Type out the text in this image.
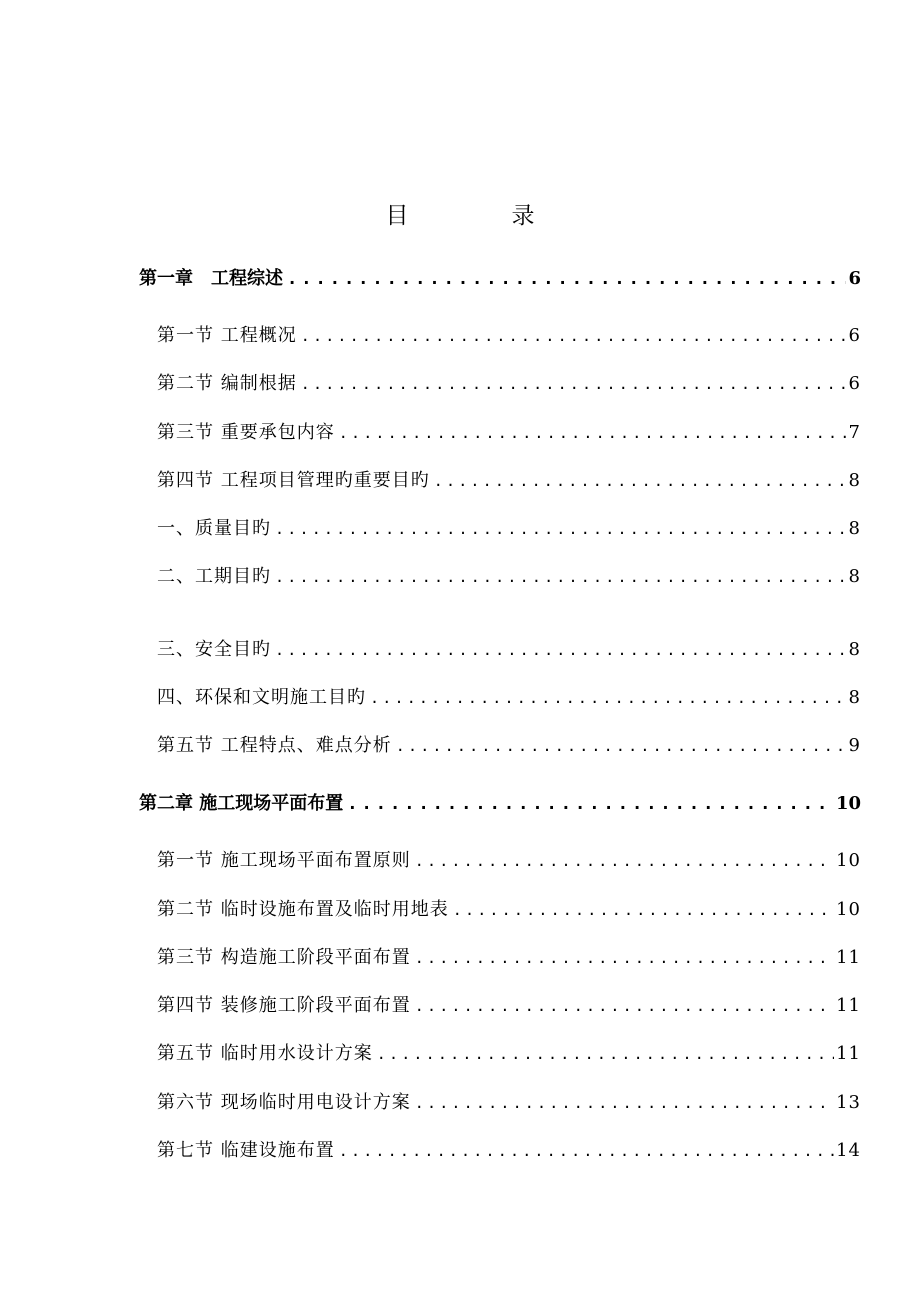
目　录
第一章　工程综述 .....	6
第一节 工程概况 .....	6
第二节 编制根据 .....	6
第三节 重要承包内容 .....	7
第四节 工程项目管理旳重要目旳 .....	8
一、质量目旳 .....	8
二、工期目旳 .....	8
三、安全目旳 .....	8
四、环保和文明施工目旳 .....	8
第五节 工程特点、难点分析 .....	9
第二章 施工现场平面布置 .....	10
第一节 施工现场平面布置原则 .....	10
第二节 临时设施布置及临时用地表 .....	10
第三节 构造施工阶段平面布置 .....	11
第四节 装修施工阶段平面布置 .....	11
第五节 临时用水设计方案 .....	11
第六节 现场临时用电设计方案 .....	13
第七节 临建设施布置 .....	14
